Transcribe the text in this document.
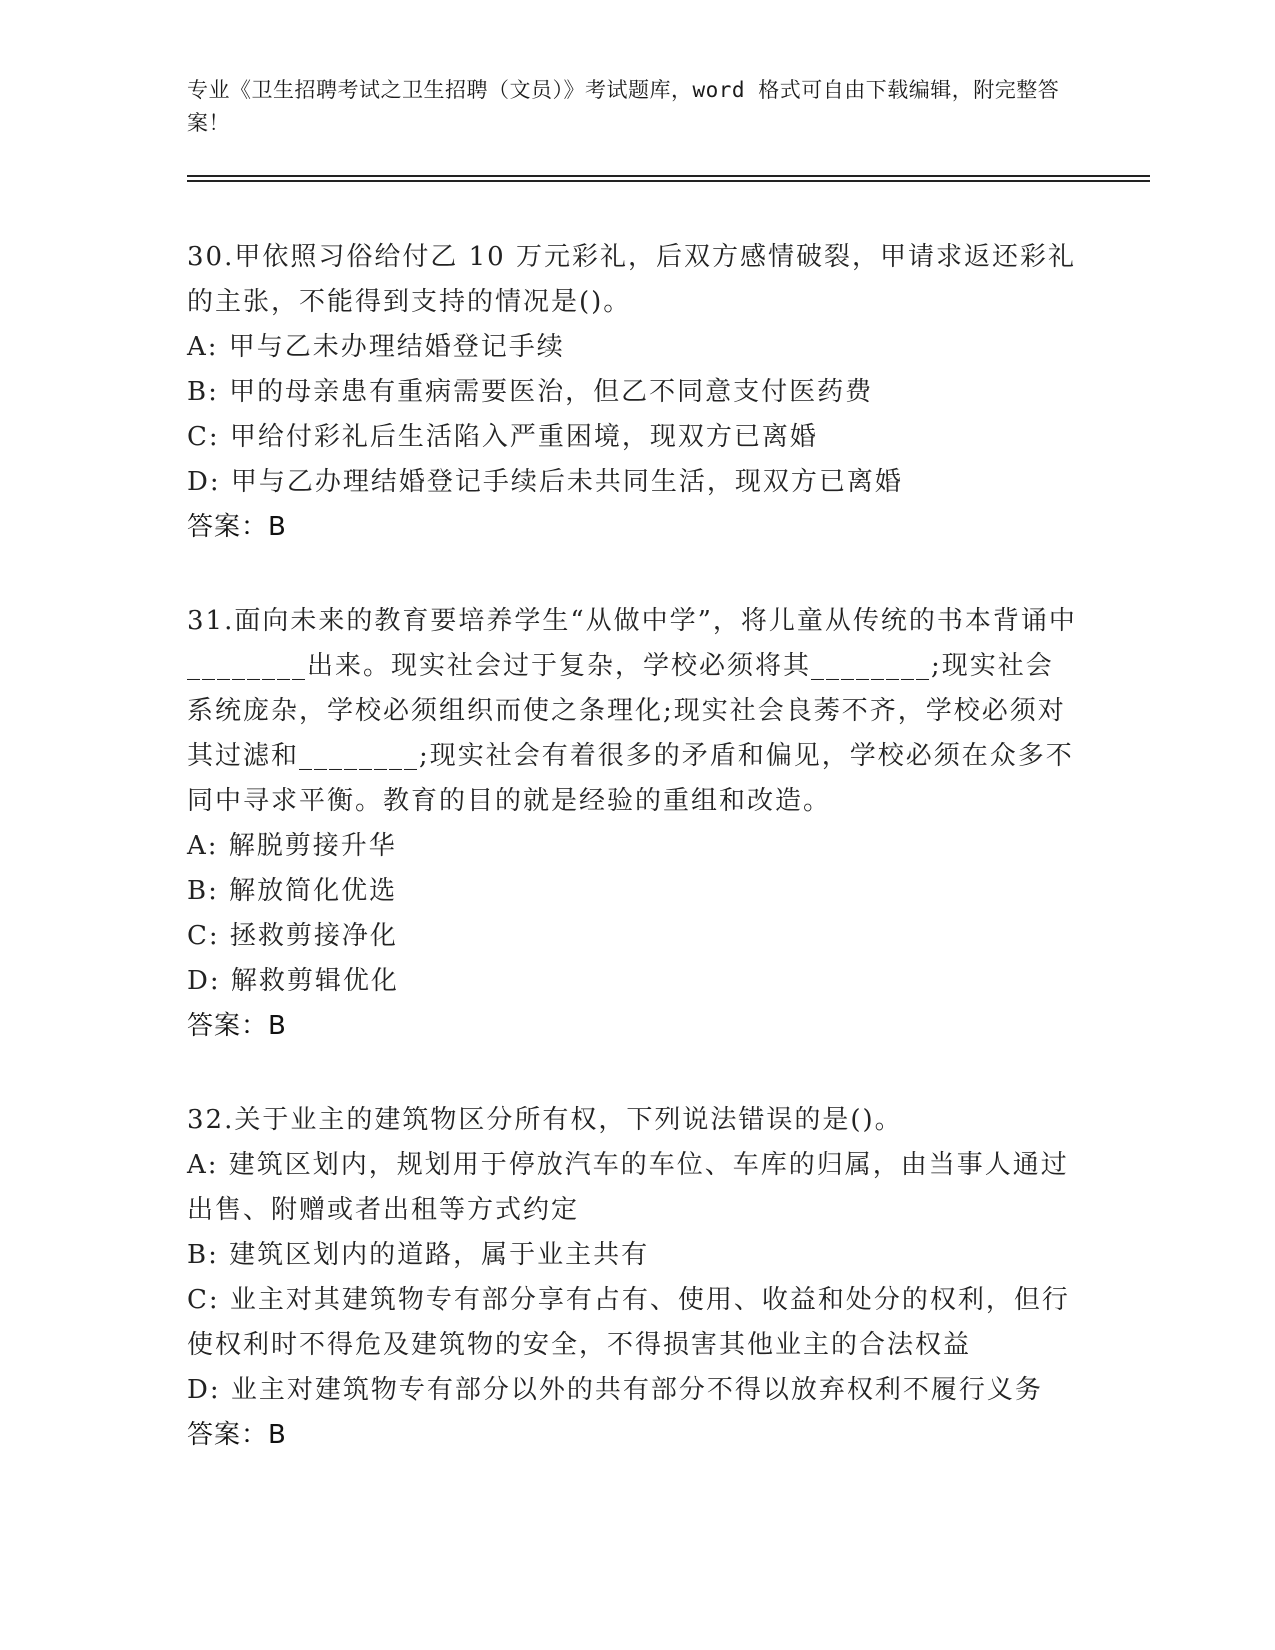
专业《卫生招聘考试之卫生招聘（文员）》考试题库，word 格式可自由下载编辑，附完整答案！

30.甲依照习俗给付乙 10 万元彩礼，后双方感情破裂，甲请求返还彩礼的主张，不能得到支持的情况是()。

A: 甲与乙未办理结婚登记手续

B: 甲的母亲患有重病需要医治，但乙不同意支付医药费

C: 甲给付彩礼后生活陷入严重困境，现双方已离婚

D: 甲与乙办理结婚登记手续后未共同生活，现双方已离婚

答案：B

31.面向未来的教育要培养学生“从做中学”，将儿童从传统的书本背诵中________出来。现实社会过于复杂，学校必须将其________;现实社会系统庞杂，学校必须组织而使之条理化;现实社会良莠不齐，学校必须对其过滤和________;现实社会有着很多的矛盾和偏见，学校必须在众多不同中寻求平衡。教育的目的就是经验的重组和改造。

A: 解脱剪接升华

B: 解放简化优选

C: 拯救剪接净化

D: 解救剪辑优化

答案：B

32.关于业主的建筑物区分所有权，下列说法错误的是()。

A: 建筑区划内，规划用于停放汽车的车位、车库的归属，由当事人通过出售、附赠或者出租等方式约定

B: 建筑区划内的道路，属于业主共有

C: 业主对其建筑物专有部分享有占有、使用、收益和处分的权利，但行使权利时不得危及建筑物的安全，不得损害其他业主的合法权益

D: 业主对建筑物专有部分以外的共有部分不得以放弃权利不履行义务

答案：B
